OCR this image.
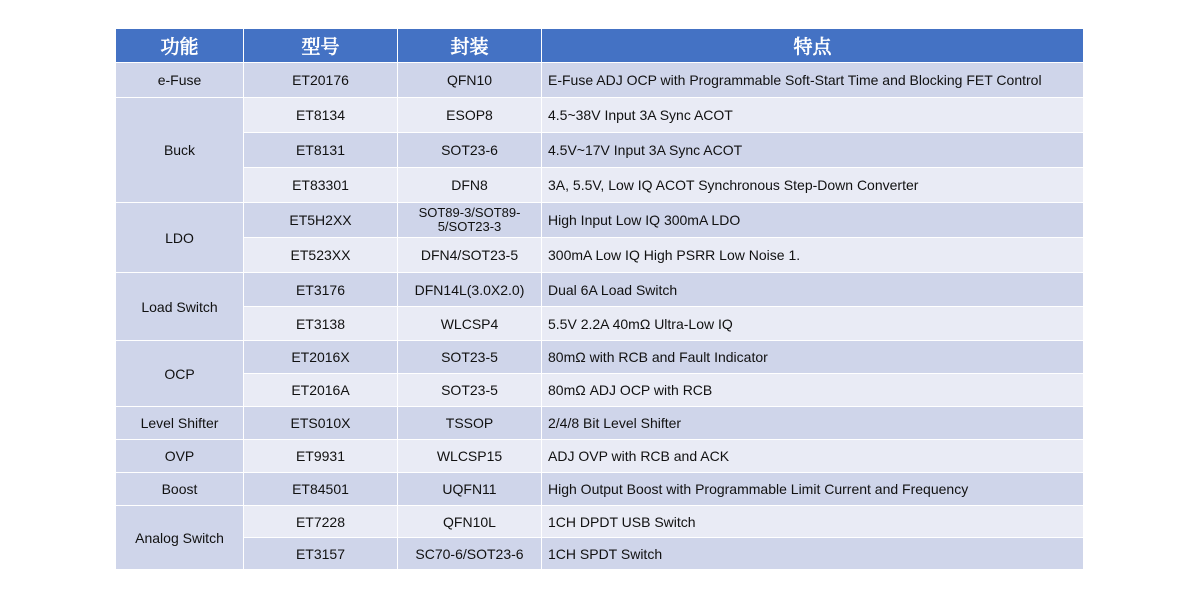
功能	型号	封装	特点
e-Fuse	ET20176	QFN10	E-Fuse ADJ OCP with Programmable Soft-Start Time and Blocking FET Control
Buck	ET8134	ESOP8	4.5~38V Input 3A Sync ACOT
	ET8131	SOT23-6	4.5V~17V Input 3A Sync ACOT
	ET83301	DFN8	3A, 5.5V, Low IQ ACOT Synchronous Step-Down Converter
LDO	ET5H2XX	SOT89-3/SOT89-5/SOT23-3	High Input Low IQ 300mA LDO
	ET523XX	DFN4/SOT23-5	300mA Low IQ High PSRR Low Noise 1.
Load Switch	ET3176	DFN14L(3.0X2.0)	Dual 6A Load Switch
	ET3138	WLCSP4	5.5V 2.2A 40mΩ Ultra-Low IQ
OCP	ET2016X	SOT23-5	80mΩ with RCB and Fault Indicator
	ET2016A	SOT23-5	80mΩ ADJ OCP with RCB
Level Shifter	ETS010X	TSSOP	2/4/8 Bit Level Shifter
OVP	ET9931	WLCSP15	ADJ OVP with RCB and ACK
Boost	ET84501	UQFN11	High Output Boost with Programmable Limit Current and Frequency
Analog Switch	ET7228	QFN10L	1CH DPDT USB Switch
	ET3157	SC70-6/SOT23-6	1CH SPDT Switch
